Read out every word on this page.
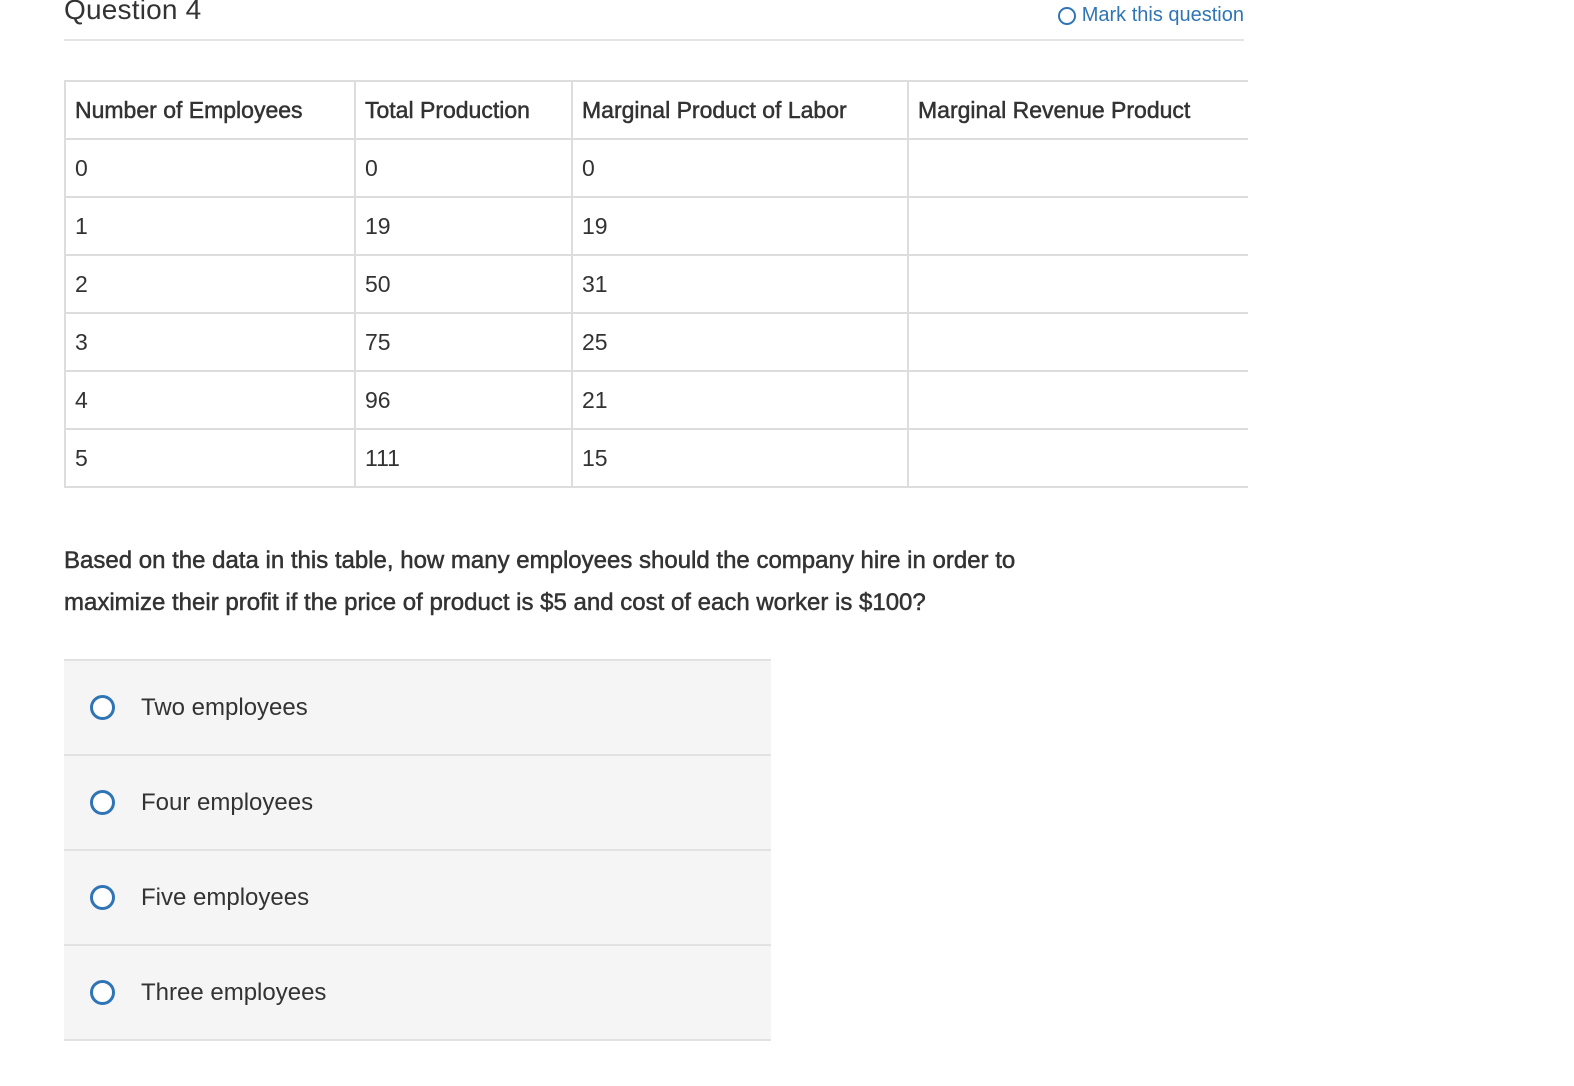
Question 4	Mark this question
Number of Employees	Total Production	Marginal Product of Labor	Marginal Revenue Product
0	0	0	
1	19	19	
2	50	31	
3	75	25	
4	96	21	
5	111	15	
Based on the data in this table, how many employees should the company hire in order to
maximize their profit if the price of product is $5 and cost of each worker is $100?
Two employees
Four employees
Five employees
Three employees
